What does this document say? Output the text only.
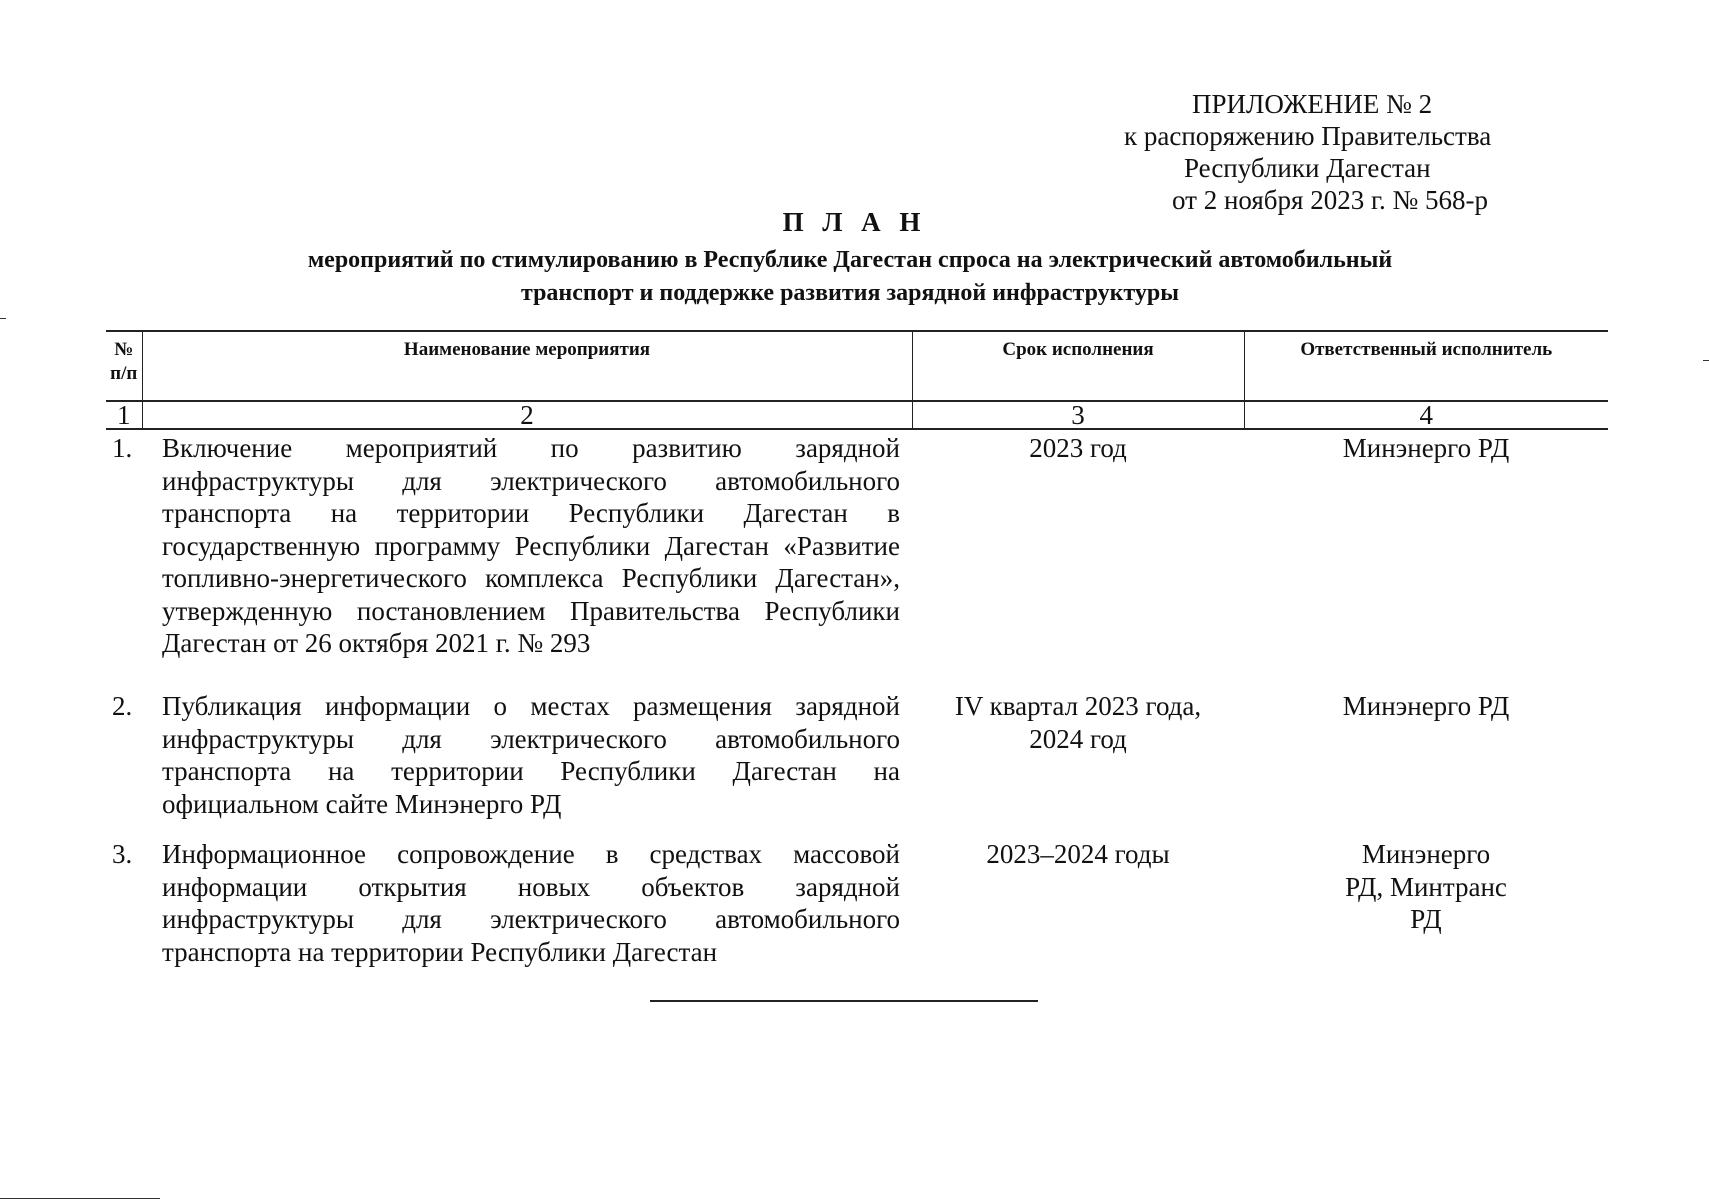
ПРИЛОЖЕНИЕ № 2
к распоряжению Правительства
Республики Дагестан
от 2 ноября 2023 г. № 568-р
П Л А Н
мероприятий по стимулированию в Республике Дагестан спроса на электрический автомобильный
транспорт и поддержке развития зарядной инфраструктуры
№ п/п	Наименование мероприятия	Срок исполнения	Ответственный исполнитель
1	2	3	4
1.	Включение мероприятий по развитию зарядной инфраструктуры для электрического автомобильного транспорта на территории Республики Дагестан в государственную программу Республики Дагестан «Развитие топливно-энергетического комплекса Республики Дагестан», утвержденную постановлением Правительства Республики Дагестан от 26 октября 2021 г. № 293	2023 год	Минэнерго РД
2.	Публикация информации о местах размещения зарядной инфраструктуры для электрического автомобильного транспорта на территории Республики Дагестан на официальном сайте Минэнерго РД	IV квартал 2023 года, 2024 год	Минэнерго РД
3.	Информационное сопровождение в средствах массовой информации открытия новых объектов зарядной инфраструктуры для электрического автомобильного транспорта на территории Республики Дагестан	2023–2024 годы	Минэнерго РД, Минтранс РД
